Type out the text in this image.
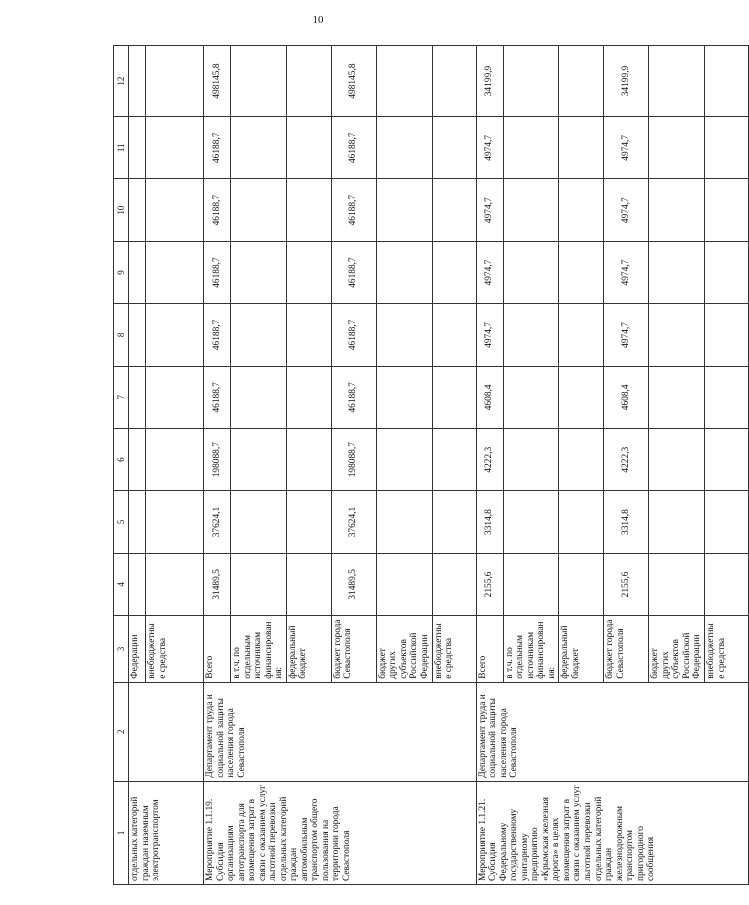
10
1	2	3	4	5	6	7	8	9	10	11	12
отдельных категорий граждан наземным электротранспортом		Федерации									
		внебюджетные средства									
Мероприятие 1.1.19. Субсидия организациям автотранспорта для возмещения затрат в связи с оказанием услуг льготной перевозки отдельных категорий граждан автомобильным транспортом общего пользования на территории города Севастополя	Департамент труда и социальной защиты населения города Севастополя	Всего	31489,5	37624,1	198088,7	46188,7	46188,7	46188,7	46188,7	46188,7	498145,8
		в т.ч. по отдельным источникам финансирования:									
		федеральный бюджет									
		бюджет города Севастополя	31489,5	37624,1	198088,7	46188,7	46188,7	46188,7	46188,7	46188,7	498145,8
		бюджет других субъектов Российской Федерации									
		внебюджетные средства									
Мероприятие 1.1.21. Субсидия Федеральному государственному унитарному предприятию «Крымская железная дорога» в целях возмещения затрат в связи с оказанием услуг льготной перевозки отдельных категорий граждан железнодорожным транспортом пригородного сообщения	Департамент труда и социальной защиты населения города Севастополя	Всего	2155,6	3314,8	4222,3	4608,4	4974,7	4974,7	4974,7	4974,7	34199,9
		в т.ч. по отдельным источникам финансирования:									
		федеральный бюджет									
		бюджет города Севастополя	2155,6	3314,8	4222,3	4608,4	4974,7	4974,7	4974,7	4974,7	34199,9
		бюджет других субъектов Российской Федерации									
		внебюджетные средства									
